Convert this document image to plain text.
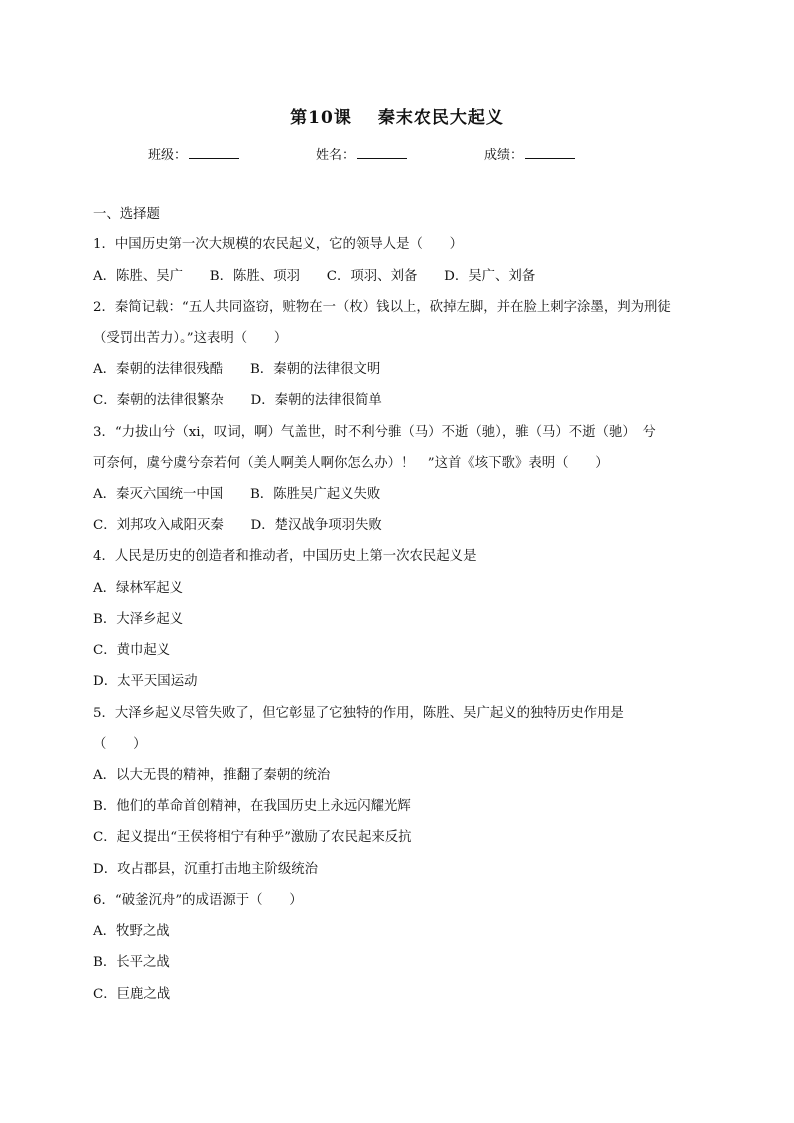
第10课 秦末农民大起义
班级：	姓名：	成绩：
一、选择题
1．中国历史第一次大规模的农民起义，它的领导人是（　　）
A．陈胜、吴广　　B．陈胜、项羽　　C．项羽、刘备　　D．吴广、刘备
2．秦简记载：“五人共同盗窃，赃物在一（枚）钱以上，砍掉左脚，并在脸上刺字涂墨，判为刑徒
（受罚出苦力）。”这表明（　　）
A．秦朝的法律很残酷　　B．秦朝的法律很文明
C．秦朝的法律很繁杂　　D．秦朝的法律很简单
3．“力拔山兮（xi，叹词，啊）气盖世，时不利兮骓（马）不逝（驰），骓（马）不逝（驰）　兮
可奈何，虞兮虞兮奈若何（美人啊美人啊你怎么办）！　”这首《垓下歌》表明（　　）
A．秦灭六国统一中国　　B．陈胜吴广起义失败
C．刘邦攻入咸阳灭秦　　D．楚汉战争项羽失败
4．人民是历史的创造者和推动者，中国历史上第一次农民起义是
A．绿林军起义
B．大泽乡起义
C．黄巾起义
D．太平天国运动
5．大泽乡起义尽管失败了，但它彰显了它独特的作用，陈胜、吴广起义的独特历史作用是
（　　）
A．以大无畏的精神，推翻了秦朝的统治
B．他们的革命首创精神，在我国历史上永远闪耀光辉
C．起义提出“王侯将相宁有种乎”激励了农民起来反抗
D．攻占郡县，沉重打击地主阶级统治
6．“破釜沉舟”的成语源于（　　）
A．牧野之战
B．长平之战
C．巨鹿之战
